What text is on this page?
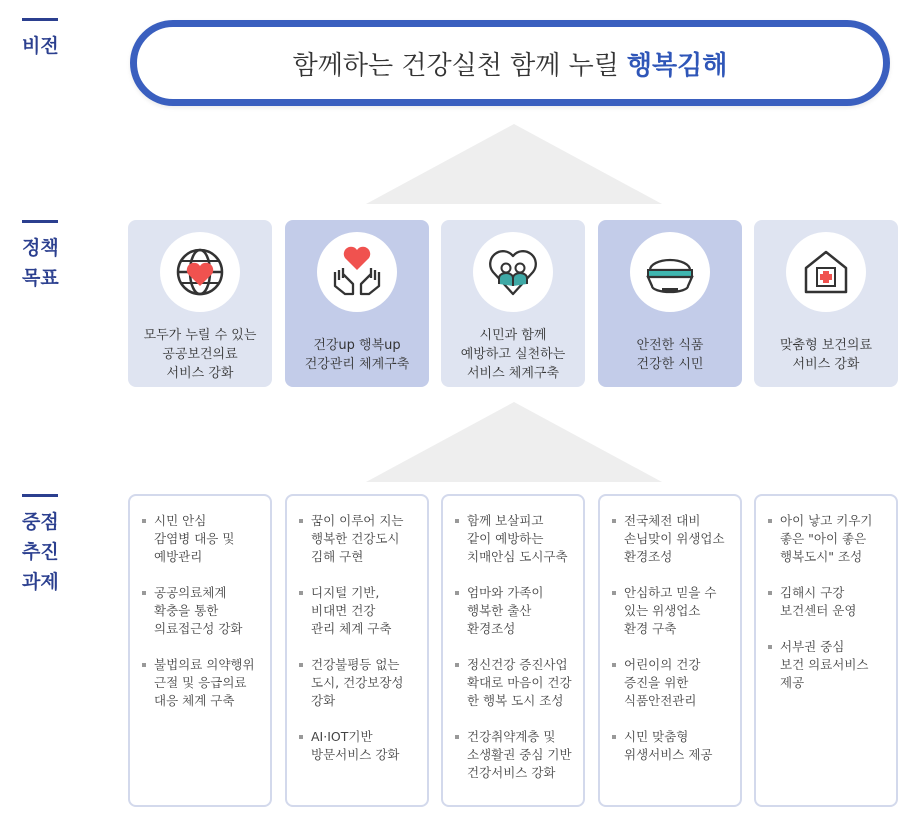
비전
정책
목표
중점
추진
과제
함께하는 건강실천 함께 누릴 행복김해
모두가 누릴 수 있는
공공보건의료
서비스 강화
건강up 행복up
건강관리 체계구축
시민과 함께
예방하고 실천하는
서비스 체계구축
안전한 식품
건강한 시민
맞춤형 보건의료
서비스 강화
시민 안심
감염병 대응 및
예방관리
공공의료체계
확충을 통한
의료접근성 강화
불법의료 의약행위
근절 및 응급의료
대응 체계 구축
꿈이 이루어 지는
행복한 건강도시
김해 구현
디지털 기반,
비대면 건강
관리 체계 구축
건강불평등 없는
도시, 건강보장성
강화
AI·IOT기반
방문서비스 강화
함께 보살피고
같이 예방하는
치매안심 도시구축
엄마와 가족이
행복한 출산
환경조성
정신건강 증진사업
확대로 마음이 건강
한 행복 도시 조성
건강취약계층 및
소생활권 중심 기반
건강서비스 강화
전국체전 대비
손님맞이 위생업소
환경조성
안심하고 믿을 수
있는 위생업소
환경 구축
어린이의 건강
증진을 위한
식품안전관리
시민 맞춤형
위생서비스 제공
아이 낳고 키우기
좋은 "아이 좋은
행복도시" 조성
김해시 구강
보건센터 운영
서부권 중심
보건 의료서비스
제공
